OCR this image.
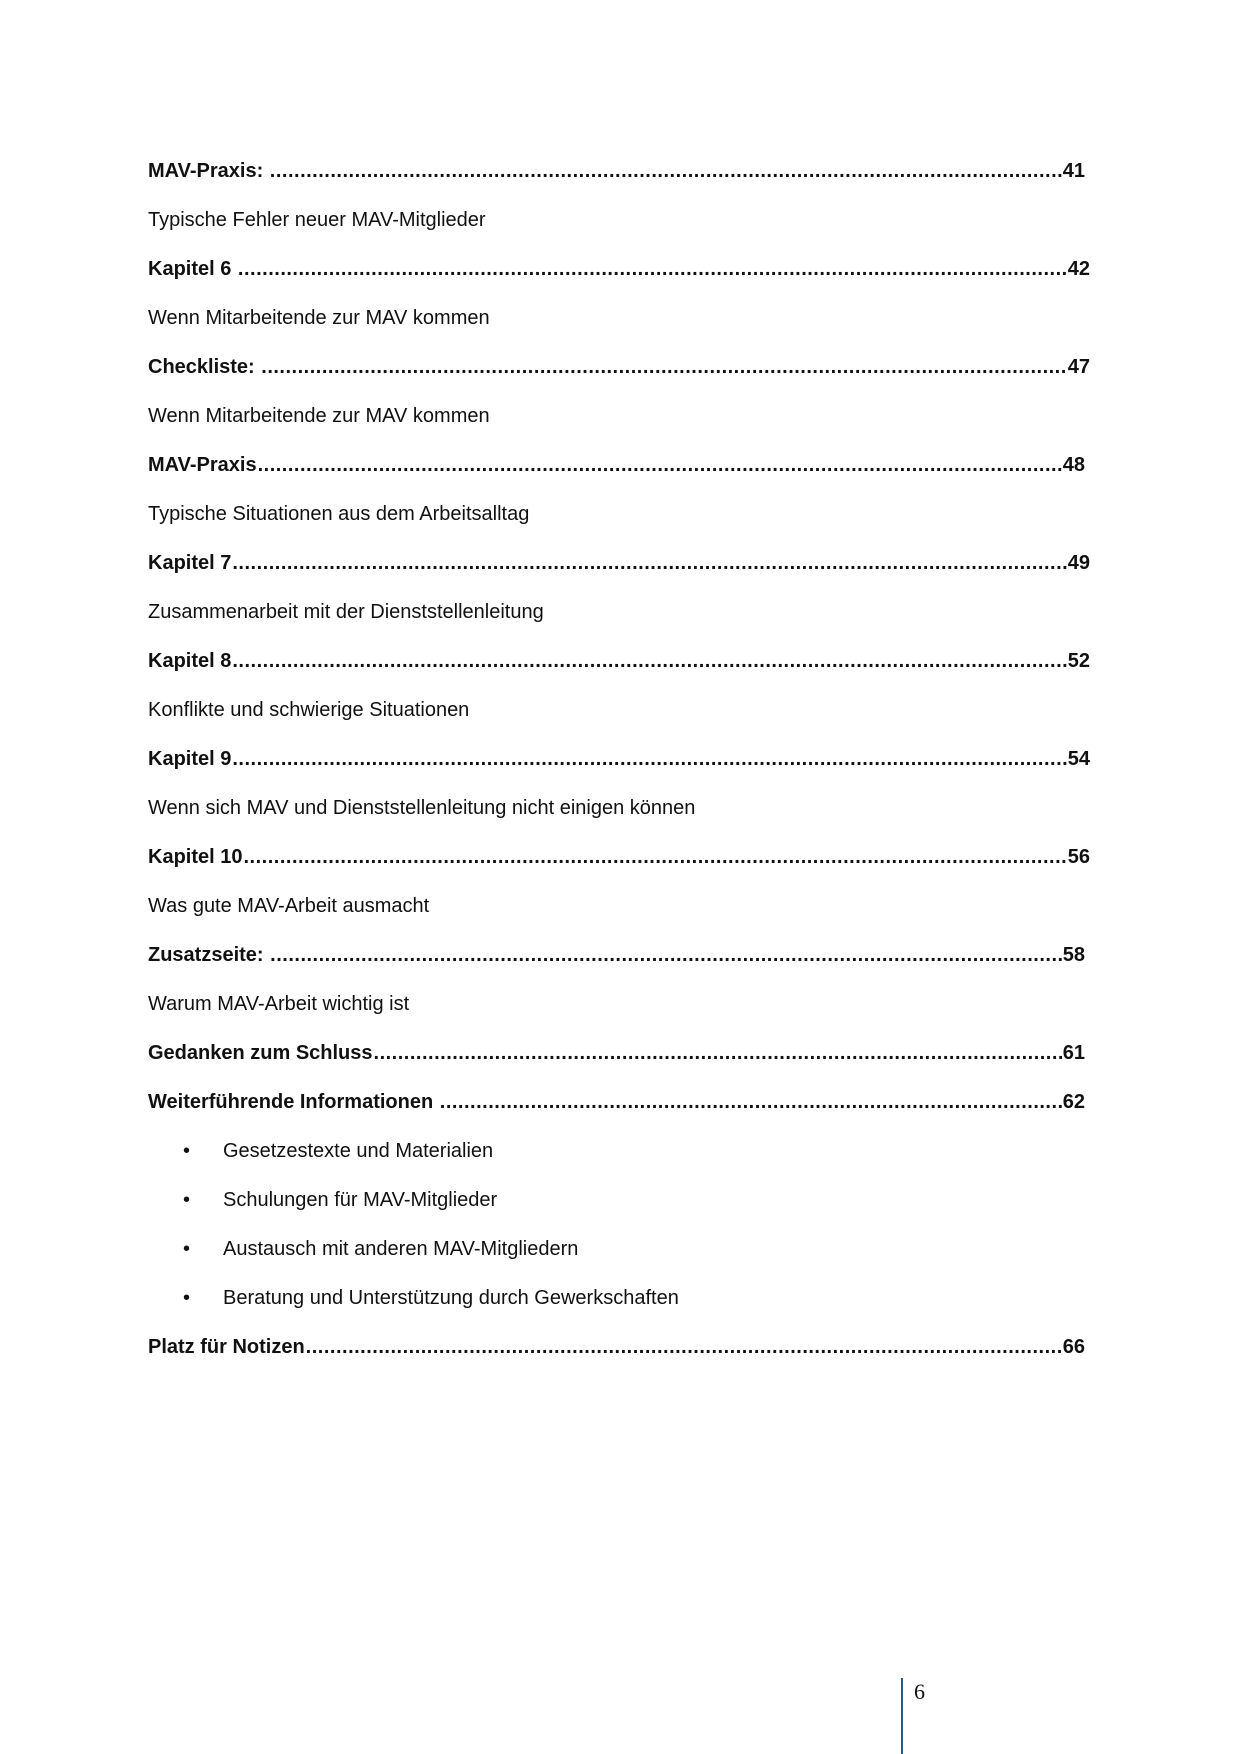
MAV-Praxis: .....	41
Typische Fehler neuer MAV-Mitglieder
Kapitel 6 .....	42
Wenn Mitarbeitende zur MAV kommen
Checkliste: .....	47
Wenn Mitarbeitende zur MAV kommen
MAV-Praxis .....	48
Typische Situationen aus dem Arbeitsalltag
Kapitel 7 .....	49
Zusammenarbeit mit der Dienststellenleitung
Kapitel 8 .....	52
Konflikte und schwierige Situationen
Kapitel 9 .....	54
Wenn sich MAV und Dienststellenleitung nicht einigen können
Kapitel 10 .....	56
Was gute MAV-Arbeit ausmacht
Zusatzseite: .....	58
Warum MAV-Arbeit wichtig ist
Gedanken zum Schluss .....	61
Weiterführende Informationen .....	62
•	Gesetzestexte und Materialien
•	Schulungen für MAV-Mitglieder
•	Austausch mit anderen MAV-Mitgliedern
•	Beratung und Unterstützung durch Gewerkschaften
Platz für Notizen .....	66
6
